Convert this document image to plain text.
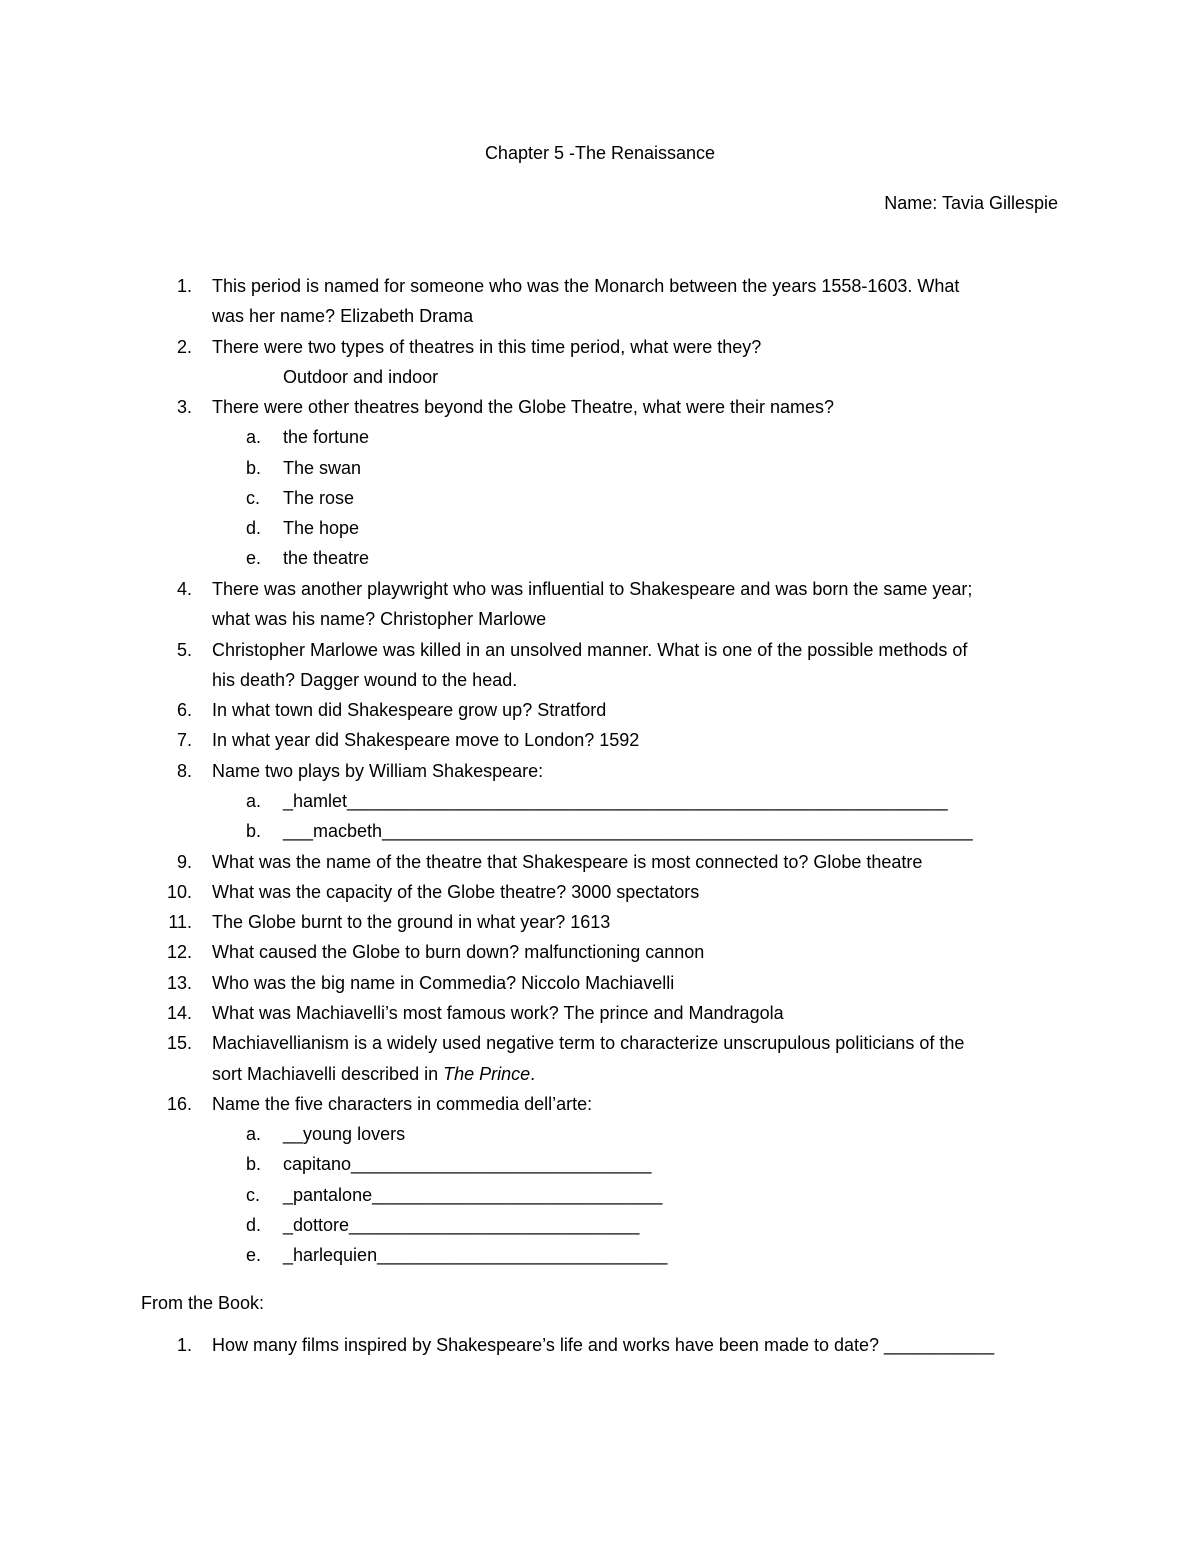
Chapter 5 -The Renaissance
Name: Tavia Gillespie
1. This period is named for someone who was the Monarch between the years 1558-1603. What
was her name? Elizabeth Drama
2. There were two types of theatres in this time period, what were they?
Outdoor and indoor
3. There were other theatres beyond the Globe Theatre, what were their names?
a. the fortune
b. The swan
c. The rose
d. The hope
e. the theatre
4. There was another playwright who was influential to Shakespeare and was born the same year;
what was his name? Christopher Marlowe
5. Christopher Marlowe was killed in an unsolved manner. What is one of the possible methods of
his death? Dagger wound to the head.
6. In what town did Shakespeare grow up? Stratford
7. In what year did Shakespeare move to London? 1592
8. Name two plays by William Shakespeare:
a. _hamlet____________________________________________________________
b. ___macbeth___________________________________________________________
9. What was the name of the theatre that Shakespeare is most connected to? Globe theatre
10. What was the capacity of the Globe theatre? 3000 spectators
11. The Globe burnt to the ground in what year? 1613
12. What caused the Globe to burn down? malfunctioning cannon
13. Who was the big name in Commedia? Niccolo Machiavelli
14. What was Machiavelli’s most famous work? The prince and Mandragola
15. Machiavellianism is a widely used negative term to characterize unscrupulous politicians of the
sort Machiavelli described in The Prince.
16. Name the five characters in commedia dell’arte:
a. __young lovers
b. capitano______________________________
c. _pantalone_____________________________
d. _dottore_____________________________
e. _harlequien_____________________________
From the Book:
1. How many films inspired by Shakespeare’s life and works have been made to date? ___________
